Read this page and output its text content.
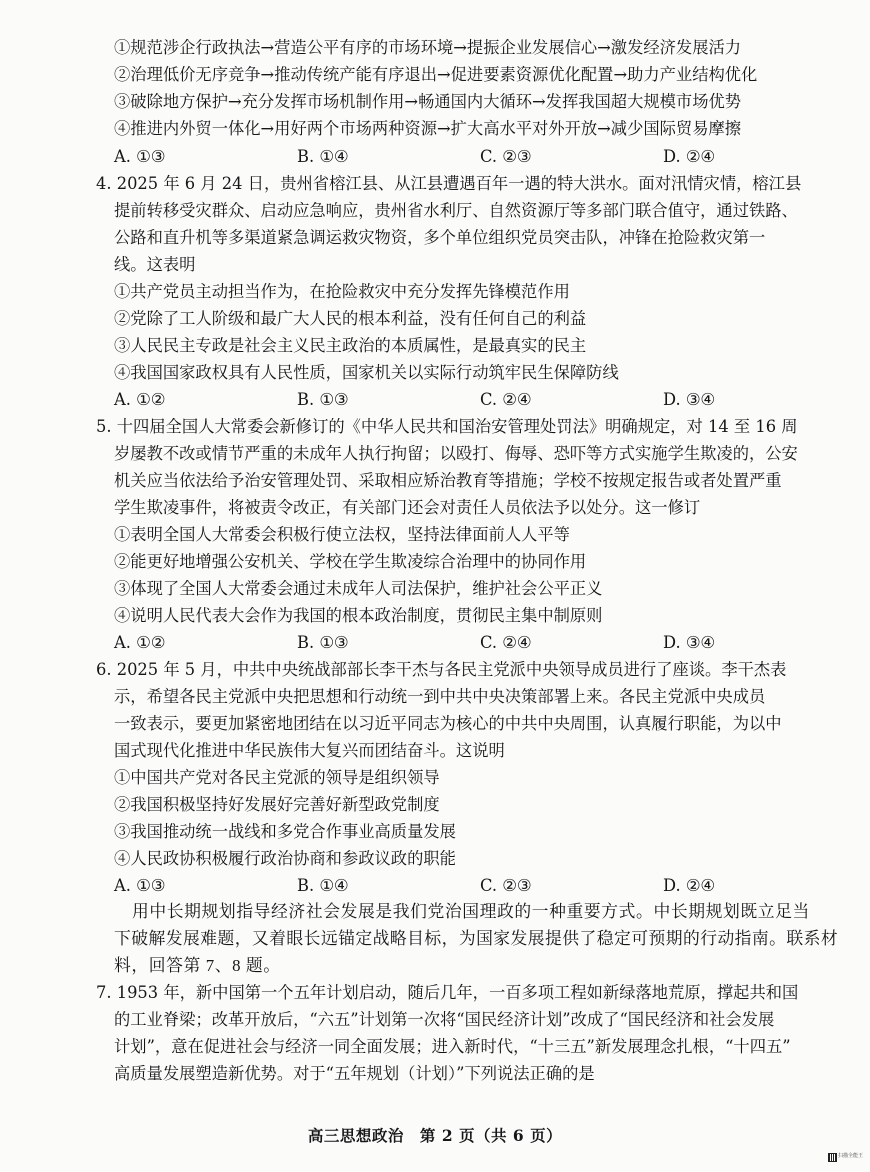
①规范涉企行政执法→营造公平有序的市场环境→提振企业发展信心→激发经济发展活力
②治理低价无序竞争→推动传统产能有序退出→促进要素资源优化配置→助力产业结构优化
③破除地方保护→充分发挥市场机制作用→畅通国内大循环→发挥我国超大规模市场优势
④推进内外贸一体化→用好两个市场两种资源→扩大高水平对外开放→减少国际贸易摩擦
A. ①③	B. ①④	C. ②③	D. ②④
4. 2025 年 6 月 24 日，贵州省榕江县、从江县遭遇百年一遇的特大洪水。面对汛情灾情，榕江县
提前转移受灾群众、启动应急响应，贵州省水利厅、自然资源厅等多部门联合值守，通过铁路、
公路和直升机等多渠道紧急调运救灾物资，多个单位组织党员突击队，冲锋在抢险救灾第一
线。这表明
①共产党员主动担当作为，在抢险救灾中充分发挥先锋模范作用
②党除了工人阶级和最广大人民的根本利益，没有任何自己的利益
③人民民主专政是社会主义民主政治的本质属性，是最真实的民主
④我国国家政权具有人民性质，国家机关以实际行动筑牢民生保障防线
A. ①②	B. ①③	C. ②④	D. ③④
5. 十四届全国人大常委会新修订的《中华人民共和国治安管理处罚法》明确规定，对 14 至 16 周
岁屡教不改或情节严重的未成年人执行拘留；以殴打、侮辱、恐吓等方式实施学生欺凌的，公安
机关应当依法给予治安管理处罚、采取相应矫治教育等措施；学校不按规定报告或者处置严重
学生欺凌事件，将被责令改正，有关部门还会对责任人员依法予以处分。这一修订
①表明全国人大常委会积极行使立法权，坚持法律面前人人平等
②能更好地增强公安机关、学校在学生欺凌综合治理中的协同作用
③体现了全国人大常委会通过未成年人司法保护，维护社会公平正义
④说明人民代表大会作为我国的根本政治制度，贯彻民主集中制原则
A. ①②	B. ①③	C. ②④	D. ③④
6. 2025 年 5 月，中共中央统战部部长李干杰与各民主党派中央领导成员进行了座谈。李干杰表
示，希望各民主党派中央把思想和行动统一到中共中央决策部署上来。各民主党派中央成员
一致表示，要更加紧密地团结在以习近平同志为核心的中共中央周围，认真履行职能，为以中
国式现代化推进中华民族伟大复兴而团结奋斗。这说明
①中国共产党对各民主党派的领导是组织领导
②我国积极坚持好发展好完善好新型政党制度
③我国推动统一战线和多党合作事业高质量发展
④人民政协积极履行政治协商和参政议政的职能
A. ①③	B. ①④	C. ②③	D. ②④
用中长期规划指导经济社会发展是我们党治国理政的一种重要方式。中长期规划既立足当
下破解发展难题，又着眼长远锚定战略目标，为国家发展提供了稳定可预期的行动指南。联系材
料，回答第 7、8 题。
7. 1953 年，新中国第一个五年计划启动，随后几年，一百多项工程如新绿落地荒原，撑起共和国
的工业脊梁；改革开放后，“六五”计划第一次将“国民经济计划”改成了“国民经济和社会发展
计划”，意在促进社会与经济一同全面发展；进入新时代，“十三五”新发展理念扎根，“十四五”
高质量发展塑造新优势。对于“五年规划（计划）”下列说法正确的是
高三思想政治　第 2 页（共 6 页）
扫描全能王
